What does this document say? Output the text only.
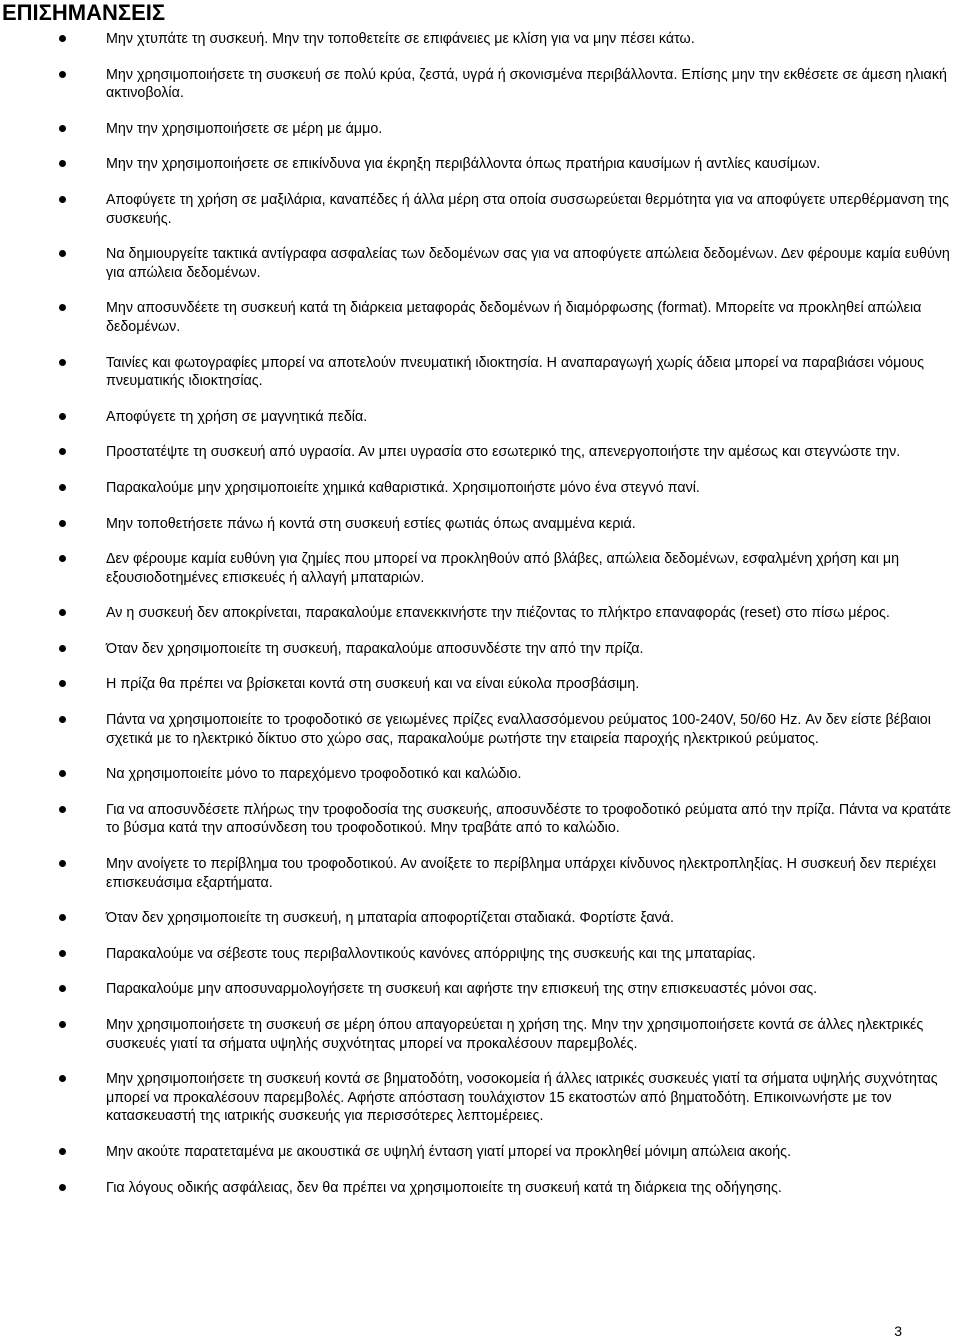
ΕΠΙΣΗΜΑΝΣΕΙΣ
Μην χτυπάτε τη συσκευή. Μην την τοποθετείτε σε επιφάνειες με κλίση για να μην πέσει κάτω.
Μην χρησιμοποιήσετε τη συσκευή σε πολύ κρύα, ζεστά, υγρά ή σκονισμένα περιβάλλοντα. Επίσης μην την εκθέσετε σε άμεση ηλιακή ακτινοβολία.
Μην την χρησιμοποιήσετε σε μέρη με άμμο.
Μην την χρησιμοποιήσετε σε επικίνδυνα για έκρηξη περιβάλλοντα όπως πρατήρια καυσίμων ή αντλίες καυσίμων.
Αποφύγετε τη χρήση σε μαξιλάρια, καναπέδες ή άλλα μέρη στα οποία συσσωρεύεται θερμότητα για να αποφύγετε υπερθέρμανση της συσκευής.
Να δημιουργείτε τακτικά αντίγραφα ασφαλείας των δεδομένων σας για να αποφύγετε απώλεια δεδομένων. Δεν φέρουμε καμία ευθύνη για απώλεια δεδομένων.
Μην αποσυνδέετε τη συσκευή κατά τη διάρκεια μεταφοράς δεδομένων ή διαμόρφωσης (format). Μπορείτε να προκληθεί απώλεια δεδομένων.
Ταινίες και φωτογραφίες μπορεί να αποτελούν πνευματική ιδιοκτησία. Η αναπαραγωγή χωρίς άδεια μπορεί να παραβιάσει νόμους πνευματικής ιδιοκτησίας.
Αποφύγετε τη χρήση σε μαγνητικά πεδία.
Προστατέψτε τη συσκευή από υγρασία. Αν μπει υγρασία στο εσωτερικό της, απενεργοποιήστε την αμέσως και στεγνώστε την.
Παρακαλούμε μην χρησιμοποιείτε χημικά καθαριστικά. Χρησιμοποιήστε μόνο ένα στεγνό πανί.
Μην τοποθετήσετε πάνω ή κοντά στη συσκευή εστίες φωτιάς όπως αναμμένα κεριά.
Δεν φέρουμε καμία ευθύνη για ζημίες που μπορεί να προκληθούν από βλάβες, απώλεια δεδομένων, εσφαλμένη χρήση και μη εξουσιοδοτημένες επισκευές ή αλλαγή μπαταριών.
Αν η συσκευή δεν αποκρίνεται, παρακαλούμε επανεκκινήστε την πιέζοντας το πλήκτρο επαναφοράς (reset) στο πίσω μέρος.
Όταν δεν χρησιμοποιείτε τη συσκευή, παρακαλούμε αποσυνδέστε την από την πρίζα.
Η πρίζα θα πρέπει να βρίσκεται κοντά στη συσκευή και να είναι εύκολα προσβάσιμη.
Πάντα να χρησιμοποιείτε το τροφοδοτικό σε γειωμένες πρίζες εναλλασσόμενου ρεύματος 100-240V, 50/60 Hz. Αν δεν είστε βέβαιοι σχετικά με το ηλεκτρικό δίκτυο στο χώρο σας, παρακαλούμε ρωτήστε την εταιρεία παροχής ηλεκτρικού ρεύματος.
Να χρησιμοποιείτε μόνο το παρεχόμενο τροφοδοτικό και καλώδιο.
Για να αποσυνδέσετε πλήρως την τροφοδοσία της συσκευής, αποσυνδέστε το τροφοδοτικό ρεύματα από την πρίζα. Πάντα να κρατάτε το βύσμα κατά την αποσύνδεση του τροφοδοτικού. Μην τραβάτε από το καλώδιο.
Μην ανοίγετε το περίβλημα του τροφοδοτικού. Αν ανοίξετε το περίβλημα υπάρχει κίνδυνος ηλεκτροπληξίας. Η συσκευή δεν περιέχει επισκευάσιμα εξαρτήματα.
Όταν δεν χρησιμοποιείτε τη συσκευή, η μπαταρία αποφορτίζεται σταδιακά. Φορτίστε ξανά.
Παρακαλούμε να σέβεστε τους περιβαλλοντικούς κανόνες απόρριψης της συσκευής και της μπαταρίας.
Παρακαλούμε μην αποσυναρμολογήσετε τη συσκευή και αφήστε την επισκευή της στην επισκευαστές μόνοι σας.
Μην χρησιμοποιήσετε τη συσκευή σε μέρη όπου απαγορεύεται η χρήση της. Μην την χρησιμοποιήσετε κοντά σε άλλες ηλεκτρικές συσκευές γιατί τα σήματα υψηλής συχνότητας μπορεί να προκαλέσουν παρεμβολές.
Μην χρησιμοποιήσετε τη συσκευή κοντά σε βηματοδότη, νοσοκομεία ή άλλες ιατρικές συσκευές γιατί τα σήματα υψηλής συχνότητας μπορεί να προκαλέσουν παρεμβολές. Αφήστε απόσταση τουλάχιστον 15 εκατοστών από βηματοδότη. Επικοινωνήστε με τον κατασκευαστή της ιατρικής συσκευής για περισσότερες λεπτομέρειες.
Μην ακούτε παρατεταμένα με ακουστικά σε υψηλή ένταση γιατί μπορεί να προκληθεί μόνιμη απώλεια ακοής.
Για λόγους οδικής ασφάλειας, δεν θα πρέπει να χρησιμοποιείτε τη συσκευή κατά τη διάρκεια της οδήγησης.
3
